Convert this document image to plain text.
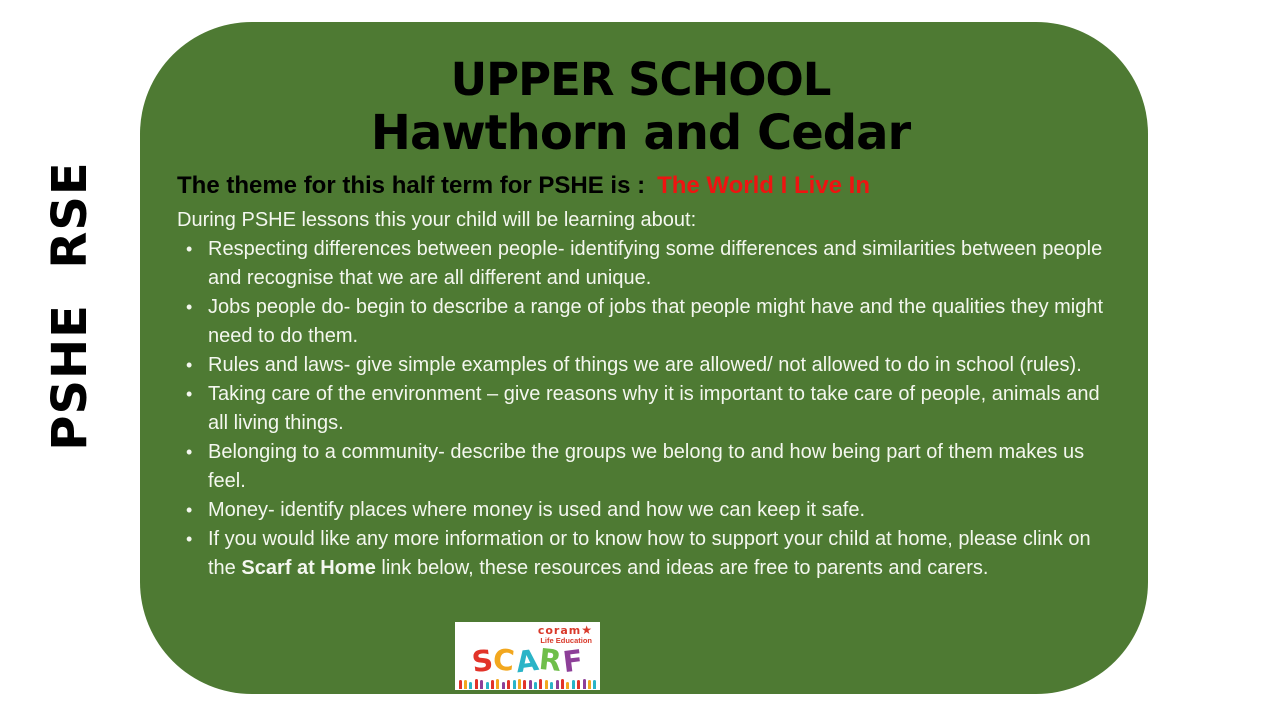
PSHE  RSE
UPPER SCHOOL
Hawthorn and Cedar
The theme for this half term for PSHE is : The World I Live In
During PSHE lessons this your child will be learning about:
• Respecting differences between people- identifying some differences and similarities between people and recognise that we are all different and unique.
• Jobs people do- begin to describe a range of jobs that people might have and the qualities they might need to do them.
• Rules and laws- give simple examples of things we are allowed/ not allowed to do in school (rules).
• Taking care of the environment – give reasons why it is important to take care of people, animals and all living things.
• Belonging to a community- describe the groups we belong to and how being part of them makes us feel.
• Money- identify places where money is used and how we can keep it safe.
• If you would like any more information or to know how to support your child at home, please clink on the Scarf at Home link below, these resources and ideas are free to parents and carers.
coram★
Life Education
SCARF
